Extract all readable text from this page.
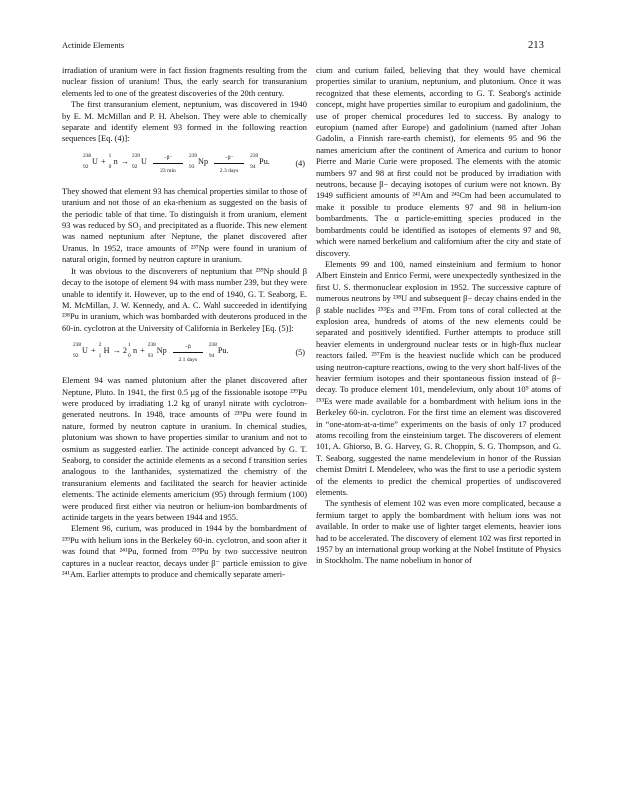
Actinide Elements	213

irradiation of uranium were in fact fission fragments resulting from the nuclear fission of uranium! Thus, the early search for transuranium elements led to one of the greatest discoveries of the 20th century.

The first transuranium element, neptunium, was discovered in 1940 by E. M. McMillan and P. H. Abelson. They were able to chemically separate and identify element 93 formed in the following reaction sequences [Eq. (4)]:

238
92
U +
1
0
n →
239
92
U	−β⁻
23 min

239
93
Np	−β⁻
2.3 days

239
94
Pu.	(4)

They showed that element 93 has chemical properties similar to those of uranium and not those of an eka-rhenium as suggested on the basis of the periodic table of that time. To distinguish it from uranium, element 93 was reduced by SO₂ and precipitated as a fluoride. This new element was named neptunium after Neptune, the planet discovered after Uranus. In 1952, trace amounts of ²³⁷Np were found in uranium of natural origin, formed by neutron capture in uranium.

It was obvious to the discoverers of neptunium that ²³⁹Np should β decay to the isotope of element 94 with mass number 239, but they were unable to identify it. However, up to the end of 1940, G. T. Seaborg, E. M. McMillan, J. W. Kennedy, and A. C. Wahl succeeded in identifying ²³⁸Pu in uranium, which was bombarded with deuterons produced in the 60-in. cyclotron at the University of California in Berkeley [Eq. (5)]:

238
92
U +
2
1
H → 2
1
0
n +
238
93
Np	−β
2.1 days

238
94
Pu.	(5)

Element 94 was named plutonium after the planet discovered after Neptune, Pluto. In 1941, the first 0.5 μg of the fissionable isotope ²³⁹Pu were produced by irradiating 1.2 kg of uranyl nitrate with cyclotron-generated neutrons. In 1948, trace amounts of ²³⁹Pu were found in nature, formed by neutron capture in uranium. In chemical studies, plutonium was shown to have properties similar to uranium and not to osmium as suggested earlier. The actinide concept advanced by G. T. Seaborg, to consider the actinide elements as a second f transition series analogous to the lanthanides, systematized the chemistry of the transuranium elements and facilitated the search for heavier actinide elements. The actinide elements americium (95) through fermium (100) were produced first either via neutron or helium-ion bombardments of actinide targets in the years between 1944 and 1955.

Element 96, curium, was produced in 1944 by the bombardment of ²³⁹Pu with helium ions in the Berkeley 60-in. cyclotron, and soon after it was found that ²⁴¹Pu, formed from ²³⁹Pu by two successive neutron captures in a nuclear reactor, decays under β⁻ particle emission to give ²⁴¹Am. Earlier attempts to produce and chemically separate ameri-

cium and curium failed, believing that they would have chemical properties similar to uranium, neptunium, and plutonium. Once it was recognized that these elements, according to G. T. Seaborg's actinide concept, might have properties similar to europium and gadolinium, the use of proper chemical procedures led to success. By analogy to europium (named after Europe) and gadolinium (named after Johan Gadolin, a Finnish rare-earth chemist), for elements 95 and 96 the names americium after the continent of America and curium to honor Pierre and Marie Curie were proposed. The elements with the atomic numbers 97 and 98 at first could not be produced by irradiation with neutrons, because β− decaying isotopes of curium were not known. By 1949 sufficient amounts of ²⁴¹Am and ²⁴²Cm had been accumulated to make it possible to produce elements 97 and 98 in helium-ion bombardments. The α particle-emitting species produced in the bombardments could be identified as isotopes of elements 97 and 98, which were named berkelium and californium after the city and state of discovery.

Elements 99 and 100, named einsteinium and fermium to honor Albert Einstein and Enrico Fermi, were unexpectedly synthesized in the first U. S. thermonuclear explosion in 1952. The successive capture of numerous neutrons by ²³⁸U and subsequent β− decay chains ended in the β stable nuclides ²⁵³Es and ²⁵⁵Fm. From tons of coral collected at the explosion area, hundreds of atoms of the new elements could be separated and positively identified. Further attempts to produce still heavier elements in underground nuclear tests or in high-flux nuclear reactors failed. ²⁵⁷Fm is the heaviest nuclide which can be produced using neutron-capture reactions, owing to the very short half-lives of the heavier fermium isotopes and their spontaneous fission instead of β− decay. To produce element 101, mendelevium, only about 10⁹ atoms of ²⁵³Es were made available for a bombardment with helium ions in the Berkeley 60-in. cyclotron. For the first time an element was discovered in “one-atom-at-a-time” experiments on the basis of only 17 produced atoms recoiling from the einsteinium target. The discoverers of element 101, A. Ghiorso, B. G. Harvey, G. R. Choppin, S. G. Thompson, and G. T. Seaborg, suggested the name mendelevium in honor of the Russian chemist Dmitri I. Mendeleev, who was the first to use a periodic system of the elements to predict the chemical properties of undiscovered elements.

The synthesis of element 102 was even more complicated, because a fermium target to apply the bombardment with helium ions was not available. In order to make use of lighter target elements, heavier ions had to be accelerated. The discovery of element 102 was first reported in 1957 by an international group working at the Nobel Institute of Physics in Stockholm. The name nobelium in honor of
